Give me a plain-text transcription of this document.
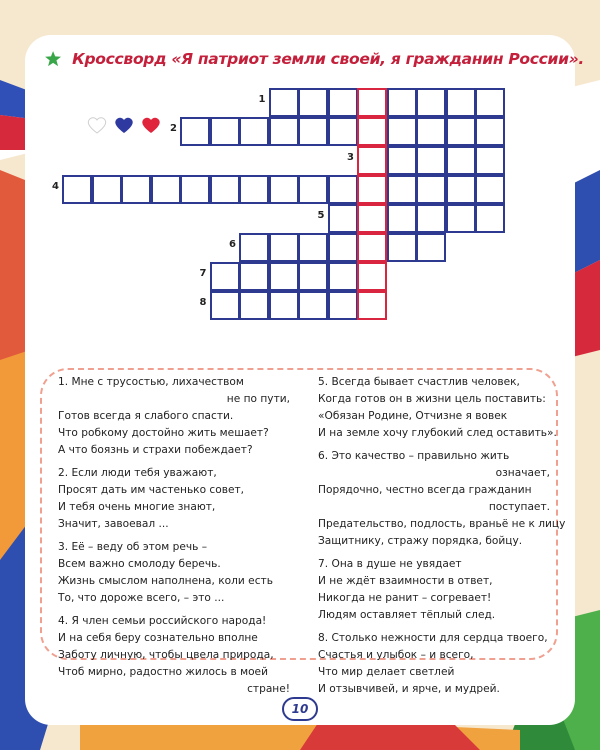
Кроссворд «Я патриот земли своей, я гражданин России».
1
2
3
4
5
6
7
8
1. Мне с трусостью, лихачеством
не по пути,
Готов всегда я слабого спасти.
Что робкому достойно жить мешает?
А что боязнь и страхи побеждает?
2. Если люди тебя уважают,
Просят дать им частенько совет,
И тебя очень многие знают,
Значит, завоевал ...
3. Её – веду об этом речь –
Всем важно смолоду беречь.
Жизнь смыслом наполнена, коли есть
То, что дороже всего, – это ...
4. Я член семьи российского народа!
И на себя беру сознательно вполне
Заботу личную, чтобы цвела природа,
Чтоб мирно, радостно жилось в моей
стране!
5. Всегда бывает счастлив человек,
Когда готов он в жизни цель поставить:
«Обязан Родине, Отчизне я вовек
И на земле хочу глубокий след оставить».
6. Это качество – правильно жить
означает,
Порядочно, честно всегда гражданин
поступает.
Предательство, подлость, враньё не к лицу
Защитнику, стражу порядка, бойцу.
7. Она в душе не увядает
И не ждёт взаимности в ответ,
Никогда не ранит – согревает!
Людям оставляет тёплый след.
8. Столько нежности для сердца твоего,
Счастья и улыбок – и всего,
Что мир делает светлей
И отзывчивей, и ярче, и мудрей.
10
